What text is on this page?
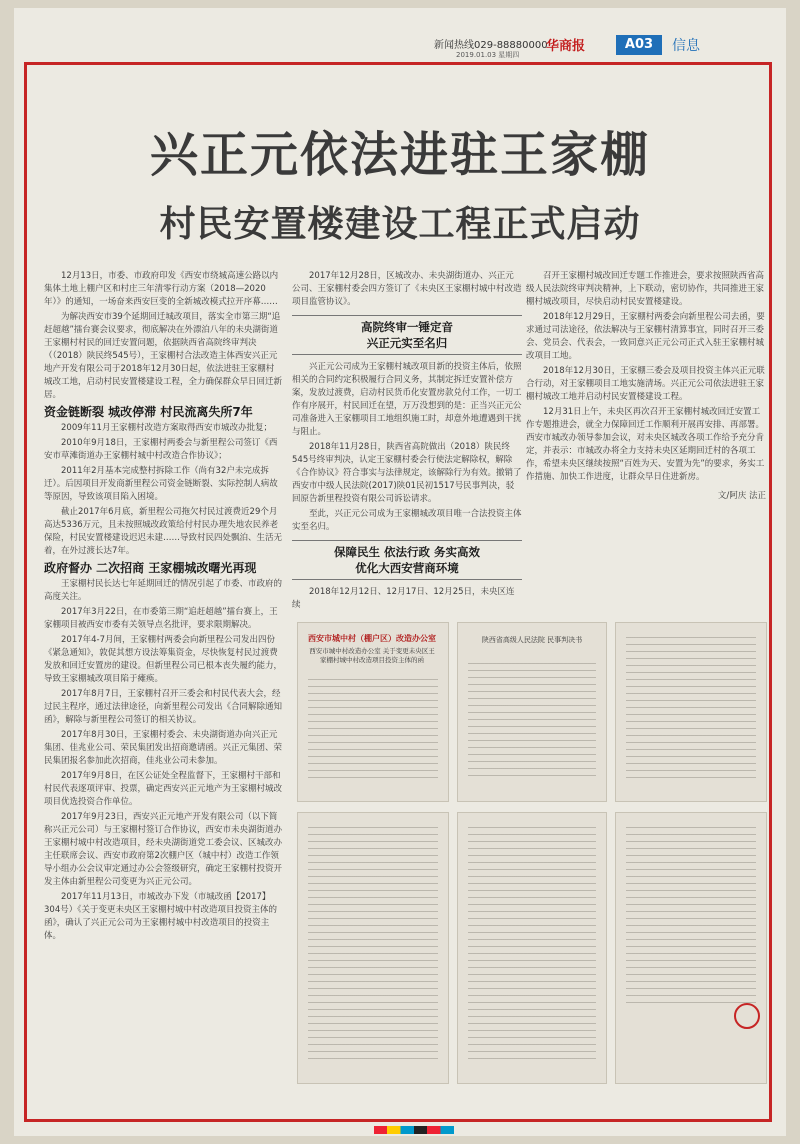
新闻热线029-88880000
2019.01.03 星期四
华商报	A03	信息
兴正元依法进驻王家棚
村民安置楼建设工程正式启动

12月13日，市委、市政府印发《西安市绕城高速公路以内集体土地上棚户区和村庄三年清零行动方案（2018—2020年）》的通知，一场奋来西安巨变的全新城改模式拉开序幕……

为解决西安市39个延期回迁城改项目，落实全市第三期“追赶超越”擂台赛会议要求，彻底解决在外漂泊八年的未央湖街道王家棚村村民的回迁安置问题，依据陕西省高院终审判决（（2018）陕民终545号），王家棚村合法改造主体西安兴正元地产开发有限公司于2018年12月30日起，依法进驻王家棚村城改工地，启动村民安置楼建设工程，全力确保群众早日回迁新居。

资金链断裂 城改停滞 村民流离失所7年

2009年11月王家棚村改造方案取得西安市城改办批复；

2010年9月18日，王家棚村两委会与新里程公司签订《西安市草滩街道办王家棚村城中村改造合作协议》；

2011年2月基本完成整村拆除工作（尚有32户未完成拆迁）。后因项目开发商新里程公司资金链断裂、实际控制人病故等原因，导致该项目陷入困境。

截止2017年6月底，新里程公司拖欠村民过渡费近29个月高达5336万元，且未按照城改政策给付村民办理失地农民养老保险，村民安置楼建设迟迟未建……导致村民四处飘泊、生活无着，在外过渡长达7年。

政府督办 二次招商 王家棚城改曙光再现

王家棚村民长达七年延期回迁的情况引起了市委、市政府的高度关注。

2017年3月22日，在市委第三期“追赶超越”擂台赛上，王家棚项目被西安市委有关领导点名批评，要求限期解决。

2017年4-7月间，王家棚村两委会向新里程公司发出四份《紧急通知》，敦促其想方设法筹集资金，尽快恢复村民过渡费发放和回迁安置房的建设。但新里程公司已根本丧失履约能力，导致王家棚城改项目陷于瘫痪。

2017年8月7日，王家棚村召开三委会和村民代表大会，经过民主程序，通过法律途径，向新里程公司发出《合同解除通知函》，解除与新里程公司签订的相关协议。

2017年8月30日，王家棚村委会、未央湖街道办向兴正元集团、佳兆业公司、荣民集团发出招商邀请函。兴正元集团、荣民集团报名参加此次招商，佳兆业公司未参加。

2017年9月8日，在区公证处全程监督下，王家棚村干部和村民代表逐项评审、投票，确定西安兴正元地产为王家棚村城改项目优选投资合作单位。

2017年9月23日，西安兴正元地产开发有限公司（以下简称兴正元公司）与王家棚村签订合作协议，西安市未央湖街道办王家棚村城中村改造项目，经未央湖街道党工委会议、区城改办主任联席会议、西安市政府第2次棚户区（城中村）改造工作领导小组办公会议审定通过办公会签级研究，确定王家棚村投资开发主体由新里程公司变更为兴正元公司。

2017年11月13日，市城改办下发（市城改函【2017】304号）《关于变更未央区王家棚村城中村改造项目投资主体的函》，确认了兴正元公司为王家棚村城中村改造项目的投资主体。

2017年12月28日，区城改办、未央湖街道办、兴正元公司、王家棚村委会四方签订了《未央区王家棚村城中村改造项目监管协议》。

高院终审一锤定音
兴正元实至名归

兴正元公司成为王家棚村城改项目新的投资主体后，依照相关的合同约定积极履行合同义务，其制定拆迁安置补偿方案，发放过渡费，启动村民货币化安置房款兑付工作，一切工作有序展开，村民回迁在望，万万没想到的是：正当兴正元公司准备进入王家棚项目工地组织施工时，却意外地遭遇到干扰与阻止。

2018年11月28日，陕西省高院做出（2018）陕民终545号终审判决，认定王家棚村委会行使法定解除权，解除《合作协议》符合事实与法律规定，该解除行为有效。撤销了西安市中级人民法院(2017)陕01民初1517号民事判决，驳回原告新里程投资有限公司诉讼请求。

至此，兴正元公司成为王家棚城改项目唯一合法投资主体实至名归。

保障民生 依法行政 务实高效
优化大西安营商环境

2018年12月12日、12月17日、12月25日，未央区连续

召开王家棚村城改回迁专题工作推进会，要求按照陕西省高级人民法院终审判决精神，上下联动，密切协作，共同推进王家棚村城改项目，尽快启动村民安置楼建设。

2018年12月29日，王家棚村两委会向新里程公司去函，要求通过司法途径，依法解决与王家棚村清算事宜，同时召开三委会、党员会、代表会，一致同意兴正元公司正式入驻王家棚村城改项目工地。

2018年12月30日，王家棚三委会及项目投资主体兴正元联合行动，对王家棚项目工地实施清场。兴正元公司依法进驻王家棚村城改工地并启动村民安置楼建设工程。

12月31日上午，未央区再次召开王家棚村城改回迁安置工作专题推进会，就全力保障回迁工作顺利开展再安排、再部署。西安市城改办领导参加会议，对未央区城改各项工作给予充分肯定，并表示：市城改办将全力支持未央区延期回迁村的各项工作，希望未央区继续按照“百姓为天、安置为先”的要求，务实工作措施、加快工作进度，让群众早日住进新房。

文/阿庆 法正

西安市城中村（棚户区）改造办公室
西安市城中村改造办公室 关于变更未央区王家棚村城中村改造项目投资主体的函
陕西省高级人民法院 民事判决书
